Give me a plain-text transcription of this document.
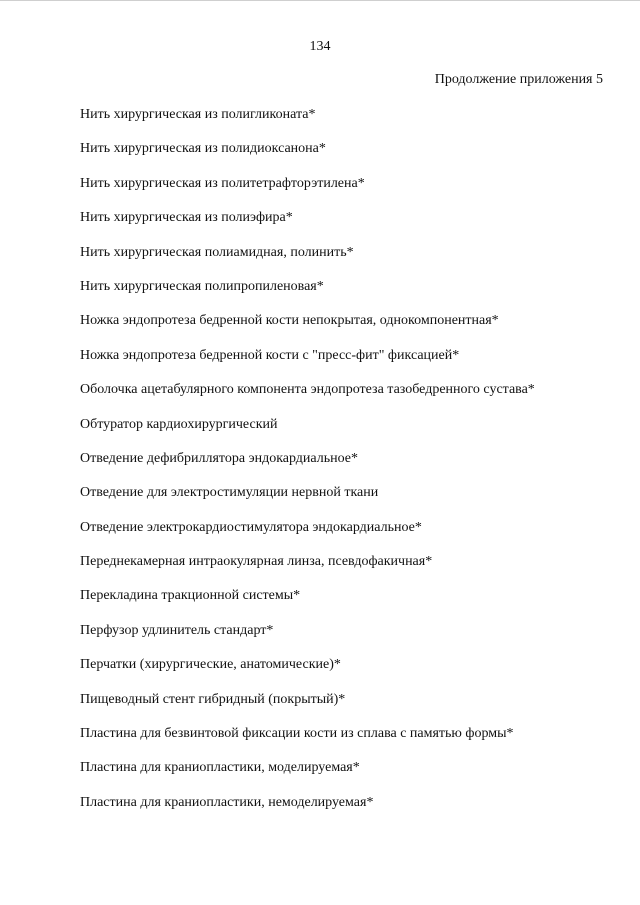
134
Продолжение приложения 5
Нить хирургическая из полигликоната*
Нить хирургическая из полидиоксанона*
Нить хирургическая из политетрафторэтилена*
Нить хирургическая из полиэфира*
Нить хирургическая полиамидная, полинить*
Нить хирургическая полипропиленовая*
Ножка эндопротеза бедренной кости непокрытая, однокомпонентная*
Ножка эндопротеза бедренной кости с "пресс-фит" фиксацией*
Оболочка ацетабулярного компонента эндопротеза тазобедренного сустава*
Обтуратор кардиохирургический
Отведение дефибриллятора эндокардиальное*
Отведение для электростимуляции нервной ткани
Отведение электрокардиостимулятора эндокардиальное*
Переднекамерная интраокулярная линза, псевдофакичная*
Перекладина тракционной системы*
Перфузор удлинитель стандарт*
Перчатки (хирургические, анатомические)*
Пищеводный стент гибридный (покрытый)*
Пластина для безвинтовой фиксации кости из сплава с памятью формы*
Пластина для краниопластики, моделируемая*
Пластина для краниопластики, немоделируемая*
